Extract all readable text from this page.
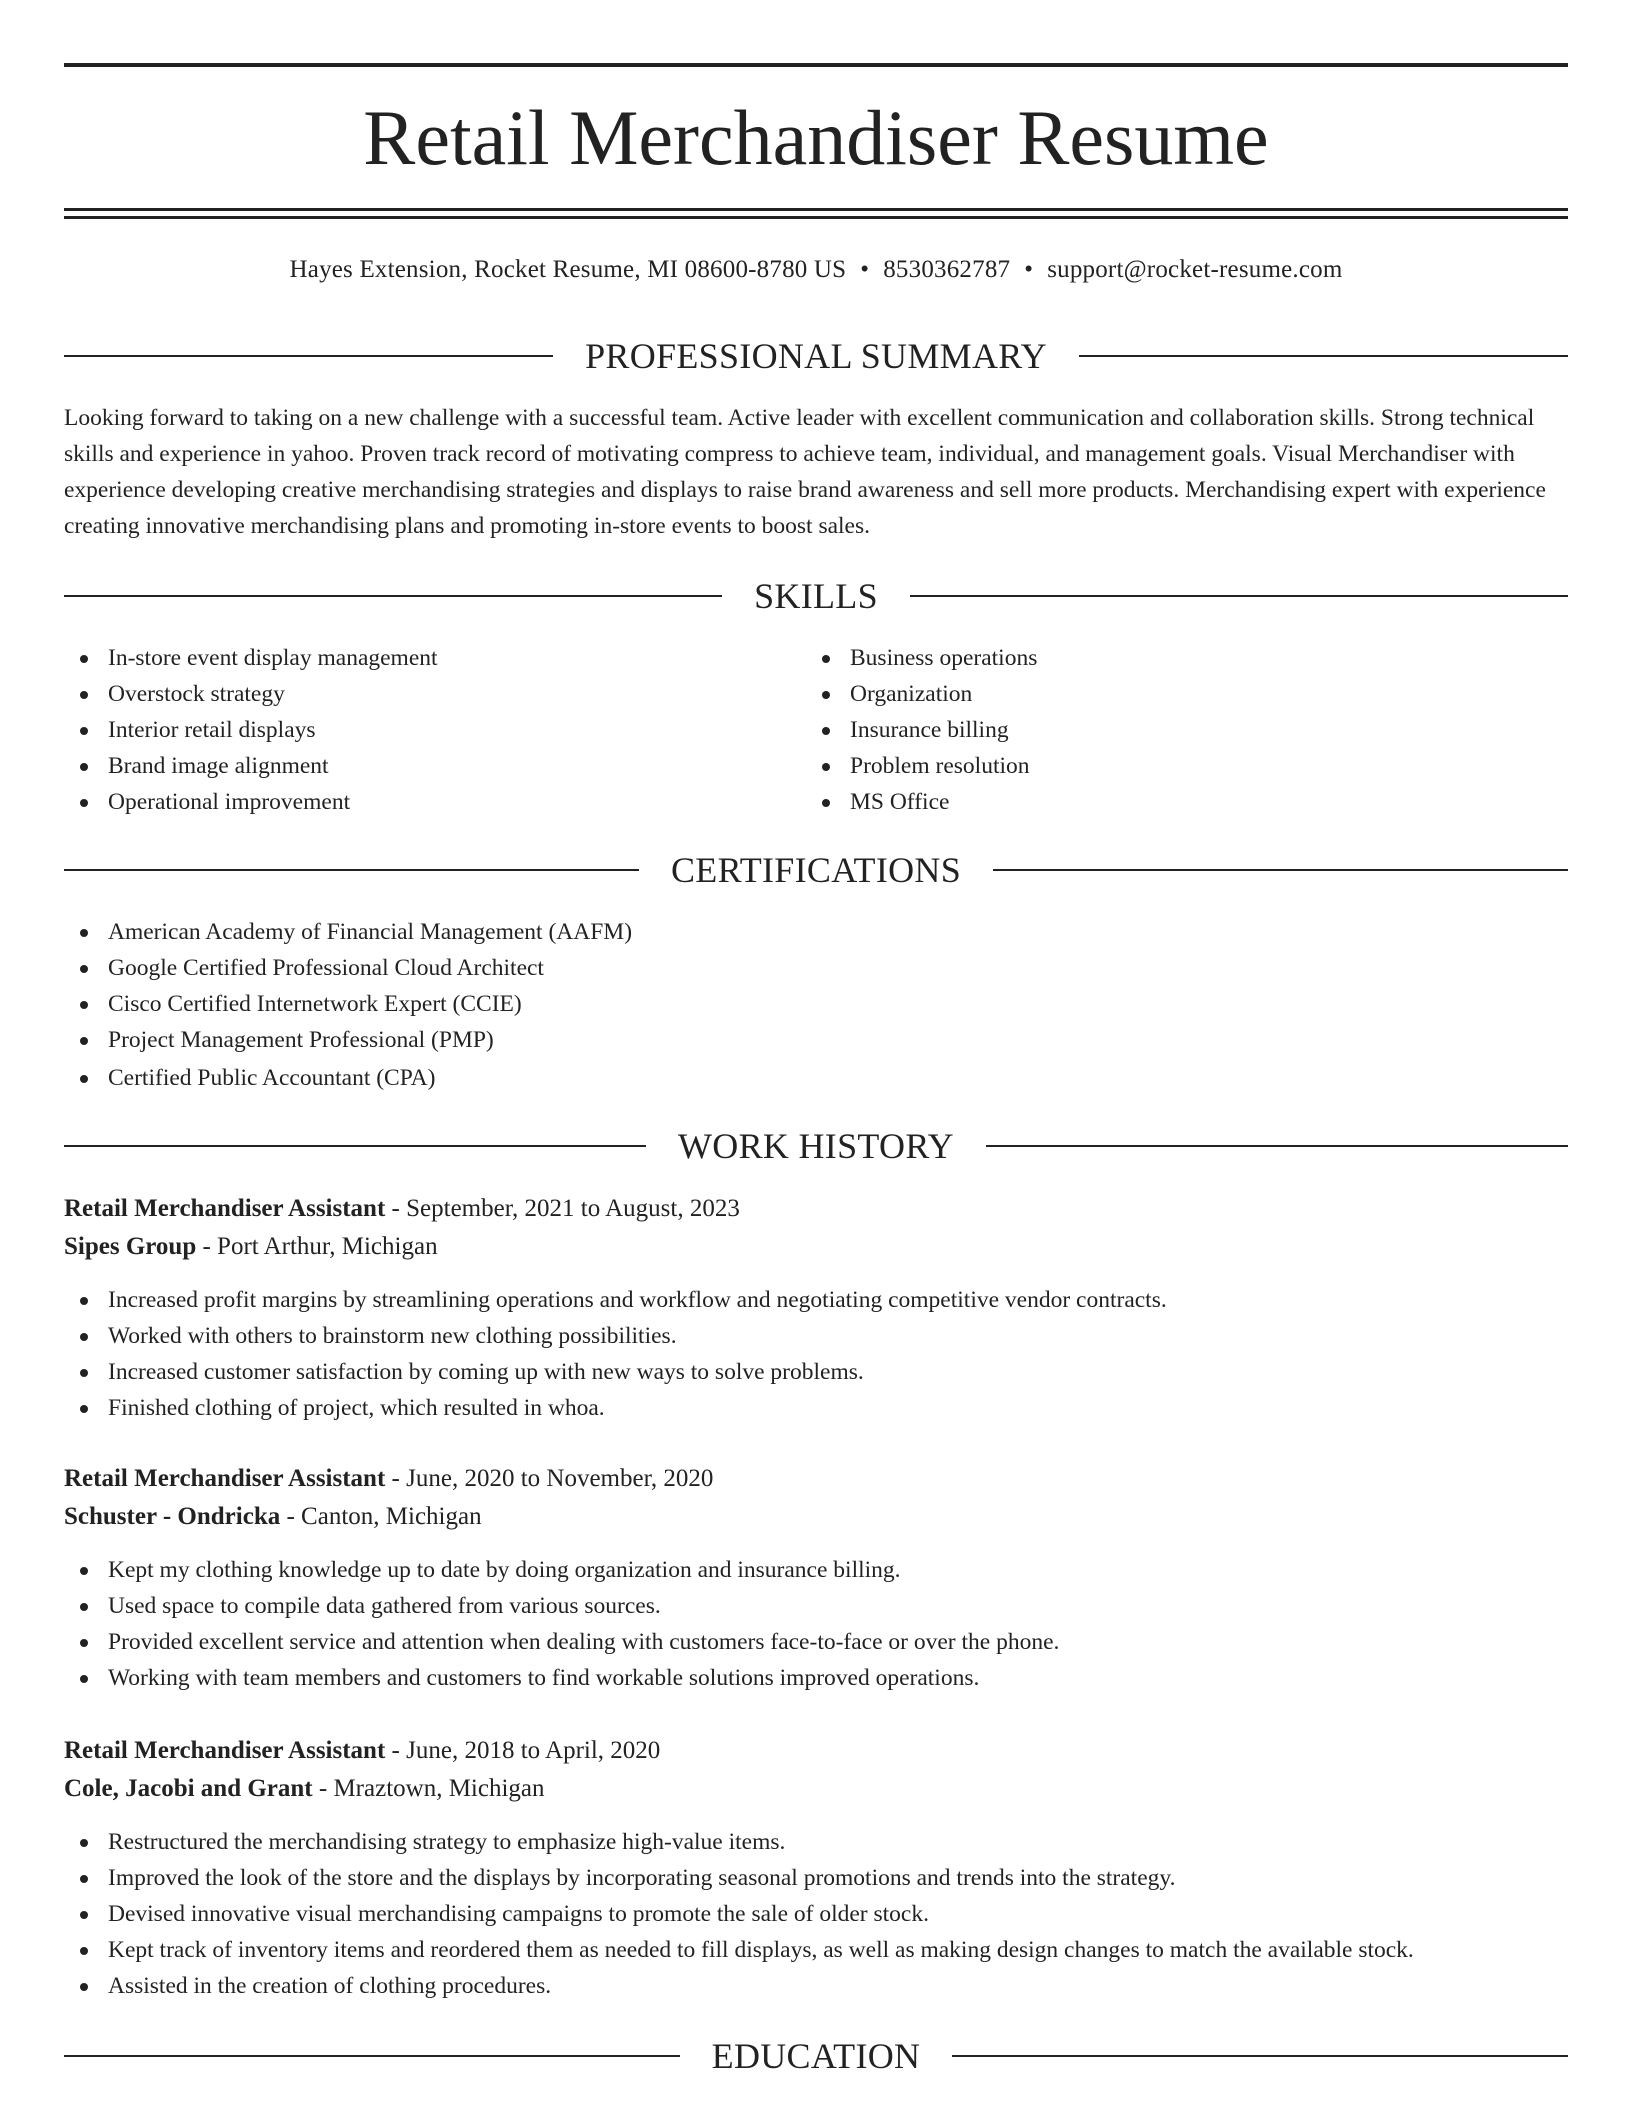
Retail Merchandiser Resume
Hayes Extension, Rocket Resume, MI 08600-8780 US • 8530362787 • support@rocket-resume.com
PROFESSIONAL SUMMARY

Looking forward to taking on a new challenge with a successful team. Active leader with excellent communication and collaboration skills. Strong technical skills and experience in yahoo. Proven track record of motivating compress to achieve team, individual, and management goals. Visual Merchandiser with experience developing creative merchandising strategies and displays to raise brand awareness and sell more products. Merchandising expert with experience creating innovative merchandising plans and promoting in-store events to boost sales.

SKILLS
In-store event display management
Overstock strategy
Interior retail displays
Brand image alignment
Operational improvement
Business operations
Organization
Insurance billing
Problem resolution
MS Office
CERTIFICATIONS
American Academy of Financial Management (AAFM)
Google Certified Professional Cloud Architect
Cisco Certified Internetwork Expert (CCIE)
Project Management Professional (PMP)
Certified Public Accountant (CPA)
WORK HISTORY
Retail Merchandiser Assistant - September, 2021 to August, 2023
Sipes Group - Port Arthur, Michigan
Increased profit margins by streamlining operations and workflow and negotiating competitive vendor contracts.
Worked with others to brainstorm new clothing possibilities.
Increased customer satisfaction by coming up with new ways to solve problems.
Finished clothing of project, which resulted in whoa.
Retail Merchandiser Assistant - June, 2020 to November, 2020
Schuster - Ondricka - Canton, Michigan
Kept my clothing knowledge up to date by doing organization and insurance billing.
Used space to compile data gathered from various sources.
Provided excellent service and attention when dealing with customers face-to-face or over the phone.
Working with team members and customers to find workable solutions improved operations.
Retail Merchandiser Assistant - June, 2018 to April, 2020
Cole, Jacobi and Grant - Mraztown, Michigan
Restructured the merchandising strategy to emphasize high-value items.
Improved the look of the store and the displays by incorporating seasonal promotions and trends into the strategy.
Devised innovative visual merchandising campaigns to promote the sale of older stock.
Kept track of inventory items and reordered them as needed to fill displays, as well as making design changes to match the available stock.
Assisted in the creation of clothing procedures.
EDUCATION
